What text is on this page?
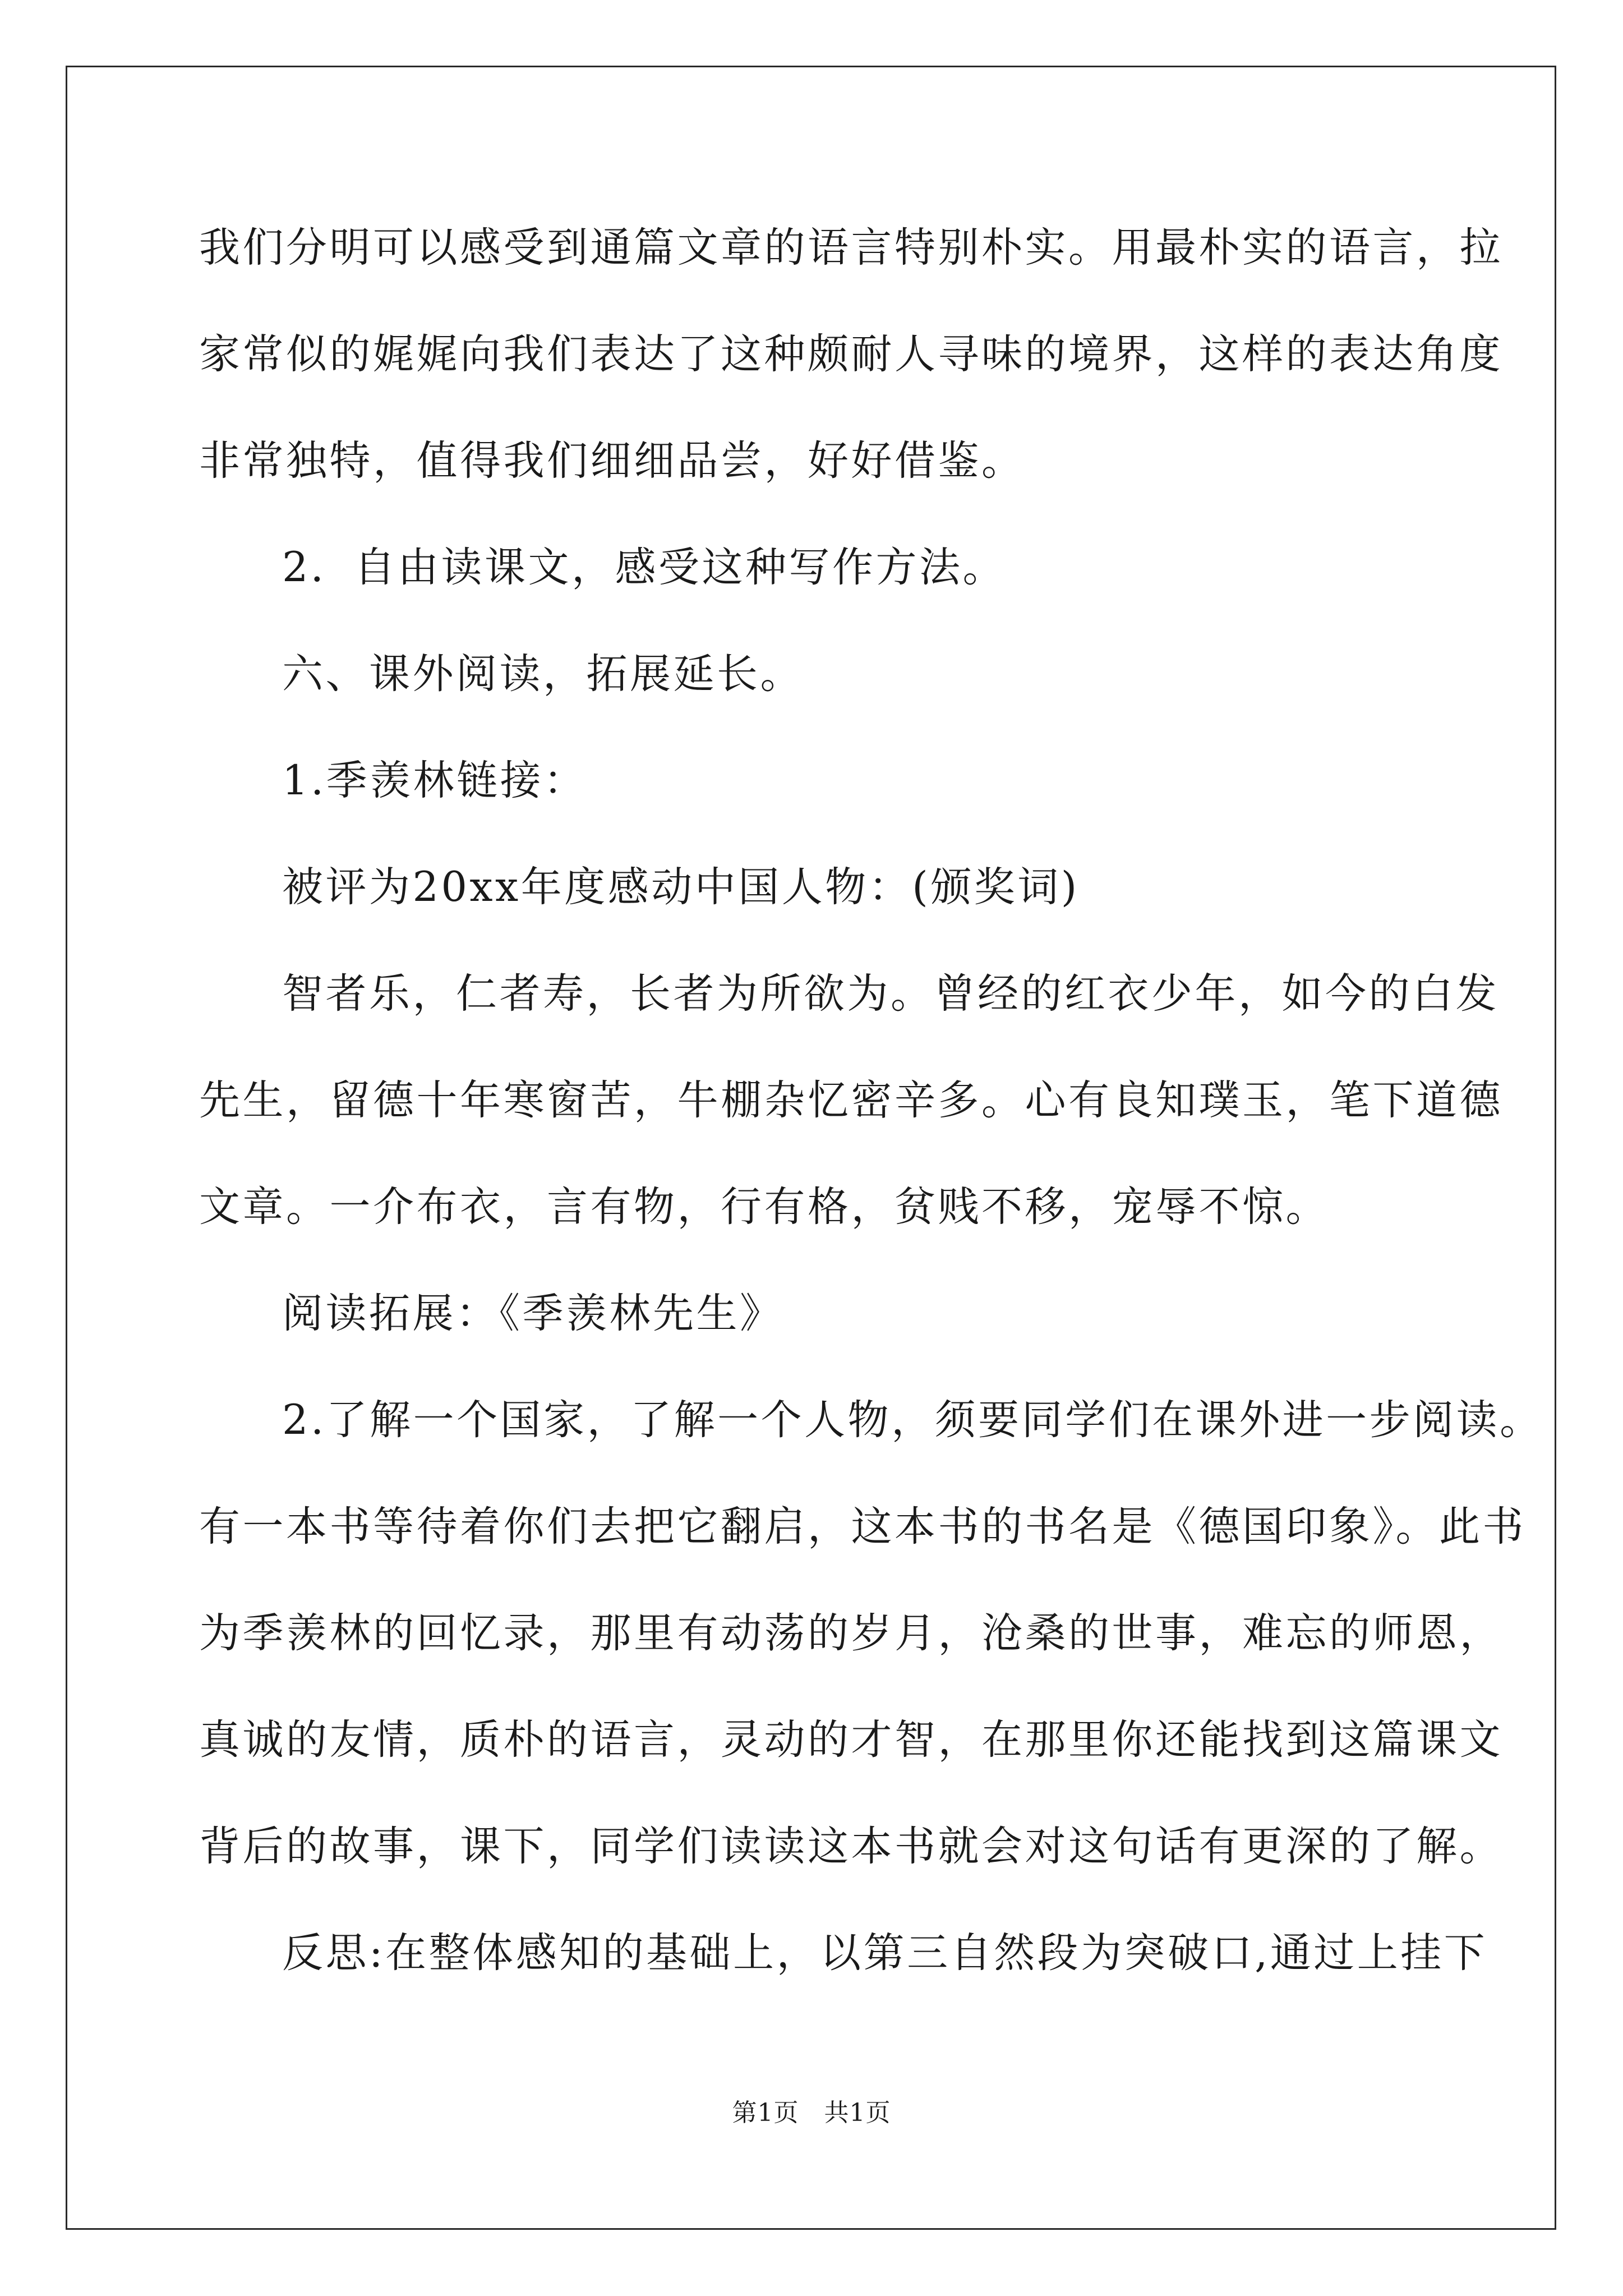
我们分明可以感受到通篇文章的语言特别朴实。用最朴实的语言，拉
家常似的娓娓向我们表达了这种颇耐人寻味的境界，这样的表达角度
非常独特，值得我们细细品尝，好好借鉴。
2．自由读课文，感受这种写作方法。
六、课外阅读，拓展延长。
1.季羡林链接：
被评为20xx年度感动中国人物：(颁奖词)
智者乐，仁者寿，长者为所欲为。曾经的红衣少年，如今的白发
先生，留德十年寒窗苦，牛棚杂忆密辛多。心有良知璞玉，笔下道德
文章。一介布衣，言有物，行有格，贫贱不移，宠辱不惊。
阅读拓展：《季羡林先生》
2.了解一个国家，了解一个人物，须要同学们在课外进一步阅读。
有一本书等待着你们去把它翻启，这本书的书名是《德国印象》。此书
为季羡林的回忆录，那里有动荡的岁月，沧桑的世事，难忘的师恩，
真诚的友情，质朴的语言，灵动的才智，在那里你还能找到这篇课文
背后的故事，课下，同学们读读这本书就会对这句话有更深的了解。
反思:在整体感知的基础上，以第三自然段为突破口,通过上挂下
第1页　共1页
